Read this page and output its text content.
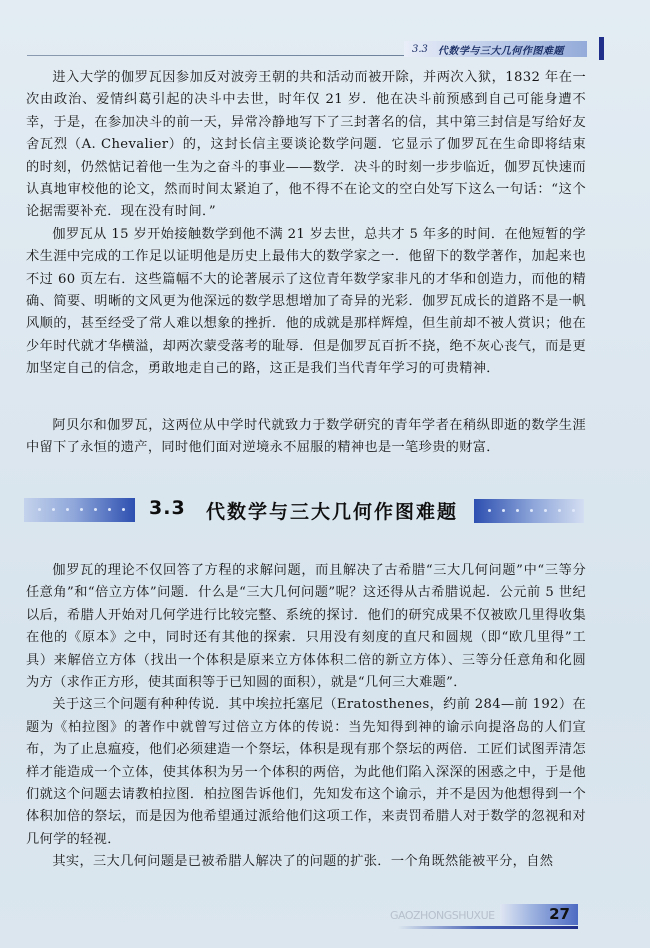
3.3 代数学与三大几何作图难题

进入大学的伽罗瓦因参加反对波旁王朝的共和活动而被开除，并两次入狱，1832 年在一次由政治、爱情纠葛引起的决斗中去世，时年仅 21 岁．他在决斗前预感到自己可能身遭不幸，于是，在参加决斗的前一天，异常冷静地写下了三封著名的信，其中第三封信是写给好友舍瓦烈（A. Chevalier）的，这封长信主要谈论数学问题．它显示了伽罗瓦在生命即将结束的时刻，仍然惦记着他一生为之奋斗的事业——数学．决斗的时刻一步步临近，伽罗瓦快速而认真地审校他的论文，然而时间太紧迫了，他不得不在论文的空白处写下这么一句话：“这个论据需要补充．现在没有时间．”

伽罗瓦从 15 岁开始接触数学到他不满 21 岁去世，总共才 5 年多的时间．在他短暂的学术生涯中完成的工作足以证明他是历史上最伟大的数学家之一．他留下的数学著作，加起来也不过 60 页左右．这些篇幅不大的论著展示了这位青年数学家非凡的才华和创造力，而他的精确、简要、明晰的文风更为他深远的数学思想增加了奇异的光彩．伽罗瓦成长的道路不是一帆风顺的，甚至经受了常人难以想象的挫折．他的成就是那样辉煌，但生前却不被人赏识；他在少年时代就才华横溢，却两次蒙受落考的耻辱．但是伽罗瓦百折不挠，绝不灰心丧气，而是更加坚定自己的信念，勇敢地走自己的路，这正是我们当代青年学习的可贵精神．

阿贝尔和伽罗瓦，这两位从中学时代就致力于数学研究的青年学者在稍纵即逝的数学生涯中留下了永恒的遗产，同时他们面对逆境永不屈服的精神也是一笔珍贵的财富．

3.3 代数学与三大几何作图难题

伽罗瓦的理论不仅回答了方程的求解问题，而且解决了古希腊“三大几何问题”中“三等分任意角”和“倍立方体”问题．什么是“三大几何问题”呢？这还得从古希腊说起．公元前 5 世纪以后，希腊人开始对几何学进行比较完整、系统的探讨．他们的研究成果不仅被欧几里得收集在他的《原本》之中，同时还有其他的探索．只用没有刻度的直尺和圆规（即“欧几里得”工具）来解倍立方体（找出一个体积是原来立方体体积二倍的新立方体）、三等分任意角和化圆为方（求作正方形，使其面积等于已知圆的面积），就是“几何三大难题”．

关于这三个问题有种种传说．其中埃拉托塞尼（Eratosthenes，约前 284—前 192）在题为《柏拉图》的著作中就曾写过倍立方体的传说：当先知得到神的谕示向提洛岛的人们宣布，为了止息瘟疫，他们必须建造一个祭坛，体积是现有那个祭坛的两倍．工匠们试图弄清怎样才能造成一个立体，使其体积为另一个体积的两倍，为此他们陷入深深的困惑之中，于是他们就这个问题去请教柏拉图．柏拉图告诉他们，先知发布这个谕示，并不是因为他想得到一个体积加倍的祭坛，而是因为他希望通过派给他们这项工作，来责罚希腊人对于数学的忽视和对几何学的轻视．

其实，三大几何问题是已被希腊人解决了的问题的扩张．一个角既然能被平分，自然

GAOZHONGSHUXUE	27
